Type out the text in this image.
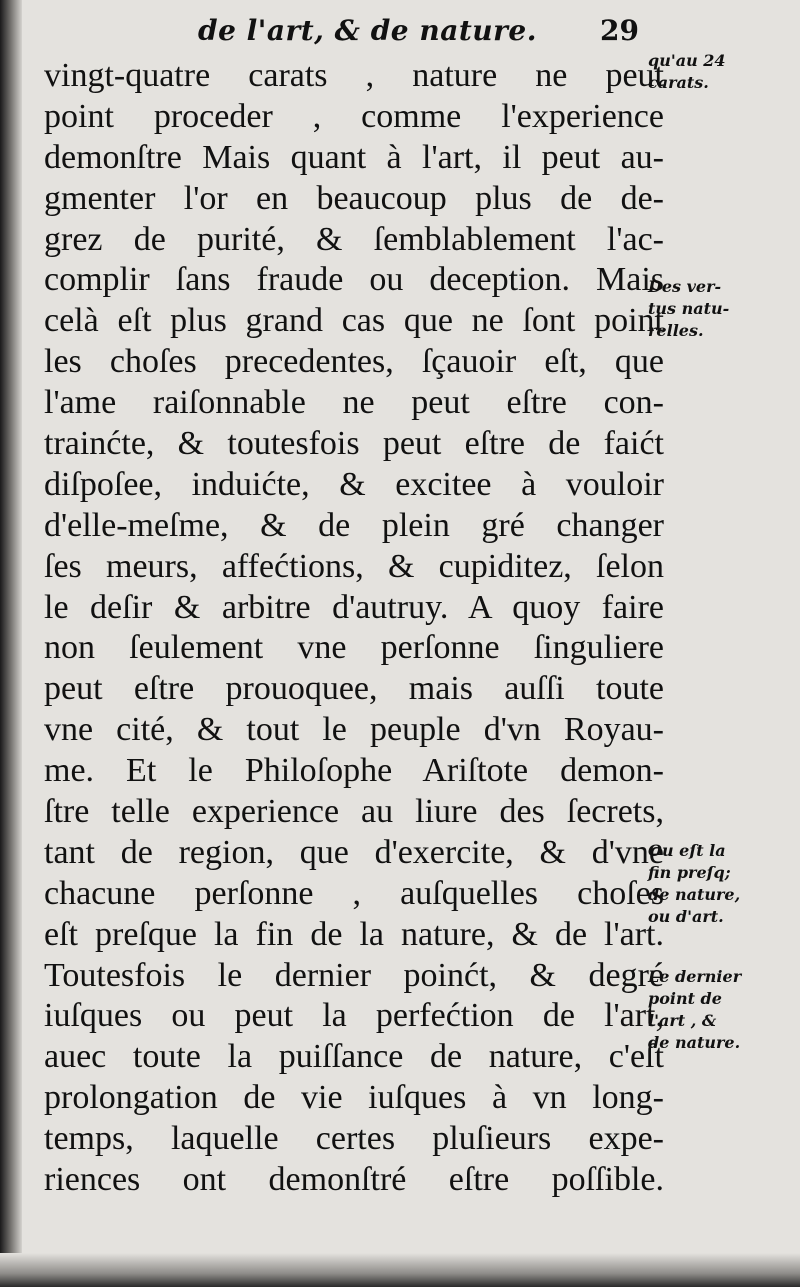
de l'art, & de nature. 29
vingt-quatre carats , nature ne peut
point proceder , comme l'experience
demonſtre Mais quant à l'art, il peut au-
gmenter l'or en beaucoup plus de de-
grez de purité, & ſemblablement l'ac-
complir ſans fraude ou deception. Mais
celà eſt plus grand cas que ne ſont point
les choſes precedentes, ſçauoir eſt, que
l'ame raiſonnable ne peut eſtre con-
trainćte, & toutesfois peut eſtre de faićt
diſpoſee, induićte, & excitee à vouloir
d'elle-meſme, & de plein gré changer
ſes meurs, affećtions, & cupiditez, ſelon
le deſir & arbitre d'autruy. A quoy faire
non ſeulement vne perſonne ſinguliere
peut eſtre prouoquee, mais auſſi toute
vne cité, & tout le peuple d'vn Royau-
me. Et le Philoſophe Ariſtote demon-
ſtre telle experience au liure des ſecrets,
tant de region, que d'exercite, & d'vne
chacune perſonne , auſquelles choſes
eſt preſque la fin de la nature, & de l'art.
Toutesfois le dernier poinćt, & degré
iuſques ou peut la perfećtion de l'art,
auec toute la puiſſance de nature, c'eſt
prolongation de vie iuſques à vn long-
temps, laquelle certes pluſieurs expe-
riences ont demonſtré eſtre poſſible.
qu'au 24
carats.
Des ver-
tus natu-
relles.
Ou eſt la
fin preſq;
de nature,
ou d'art.
Le dernier
point de
l'art , &
de nature.
